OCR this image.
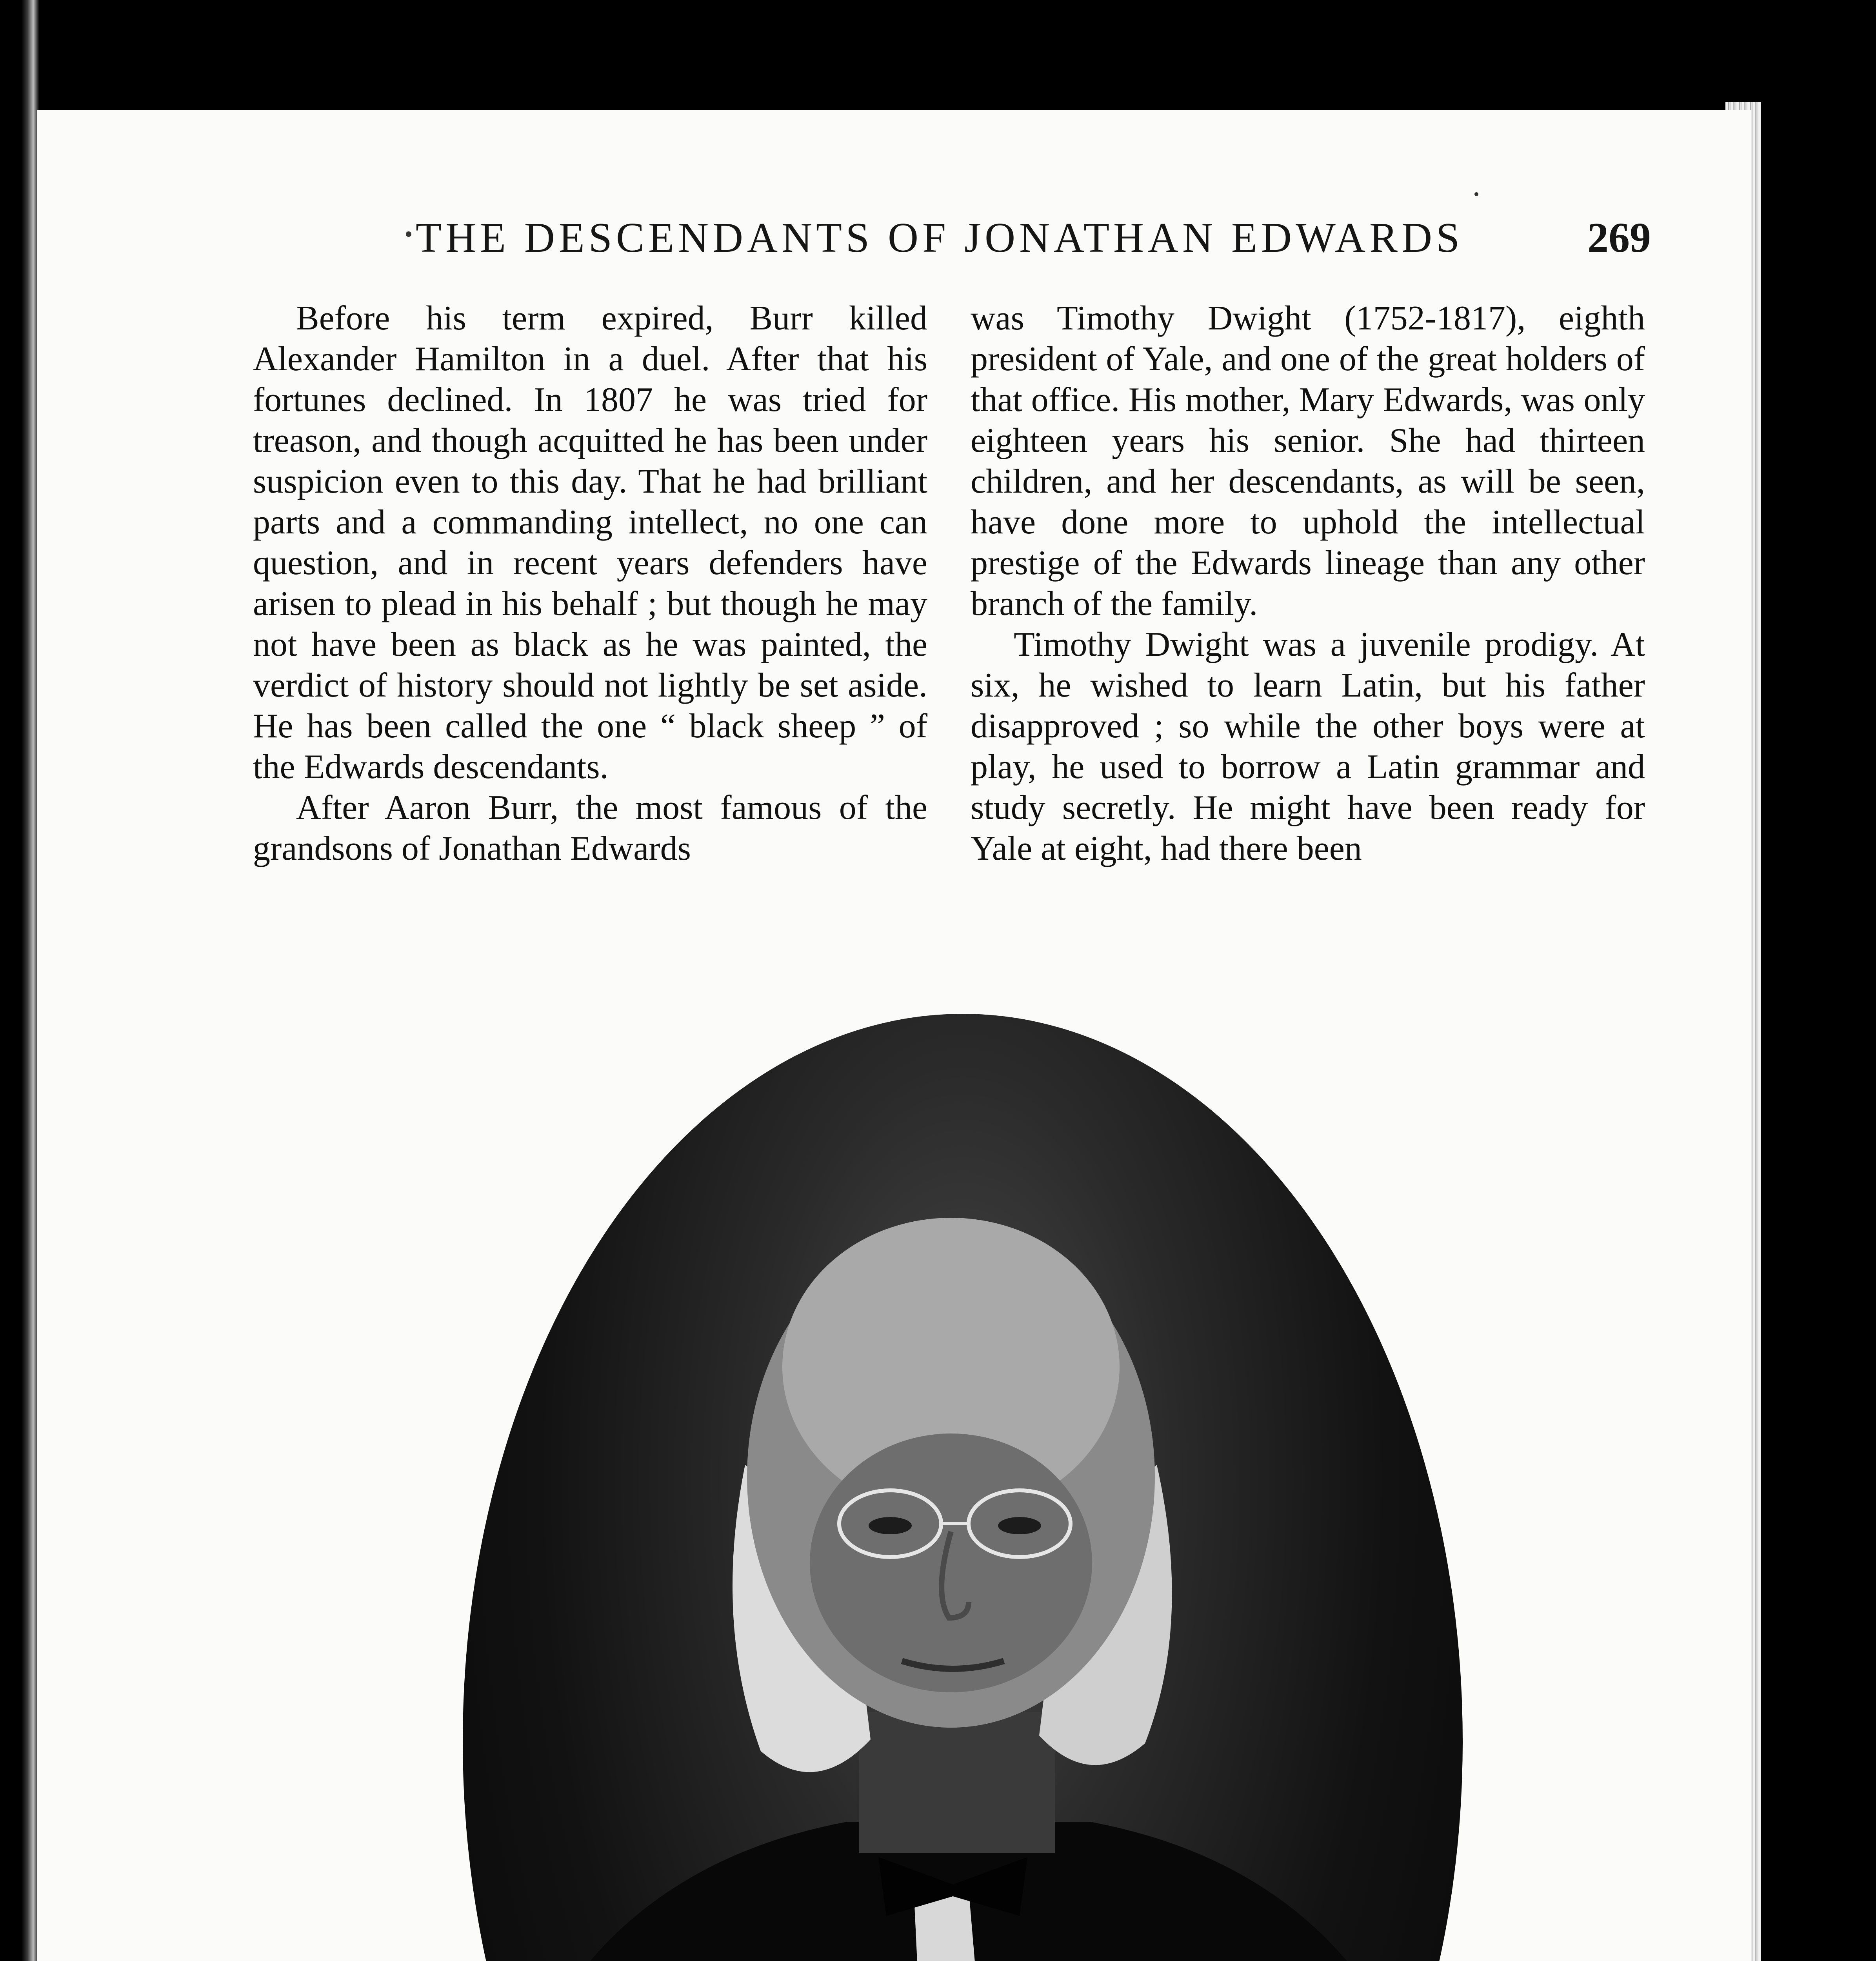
THE DESCENDANTS OF JONATHAN EDWARDS	269

Before his term expired, Burr killed Alexander Hamilton in a duel. After that his fortunes declined. In 1807 he was tried for treason, and though acquitted he has been under suspicion even to this day. That he had brilliant parts and a commanding intellect, no one can question, and in recent years defenders have arisen to plead in his behalf ; but though he may not have been as black as he was painted, the verdict of history should not lightly be set aside. He has been called the one “ black sheep ” of the Edwards descendants.

After Aaron Burr, the most famous of the grandsons of Jonathan Edwards

was Timothy Dwight (1752-1817), eighth president of Yale, and one of the great holders of that office. His mother, Mary Edwards, was only eighteen years his senior. She had thirteen children, and her descendants, as will be seen, have done more to uphold the intellectual prestige of the Edwards lineage than any other branch of the family.

Timothy Dwight was a juvenile prodigy. At six, he wished to learn Latin, but his father disapproved ; so while the other boys were at play, he used to borrow a Latin grammar and study secretly. He might have been ready for Yale at eight, had there been
